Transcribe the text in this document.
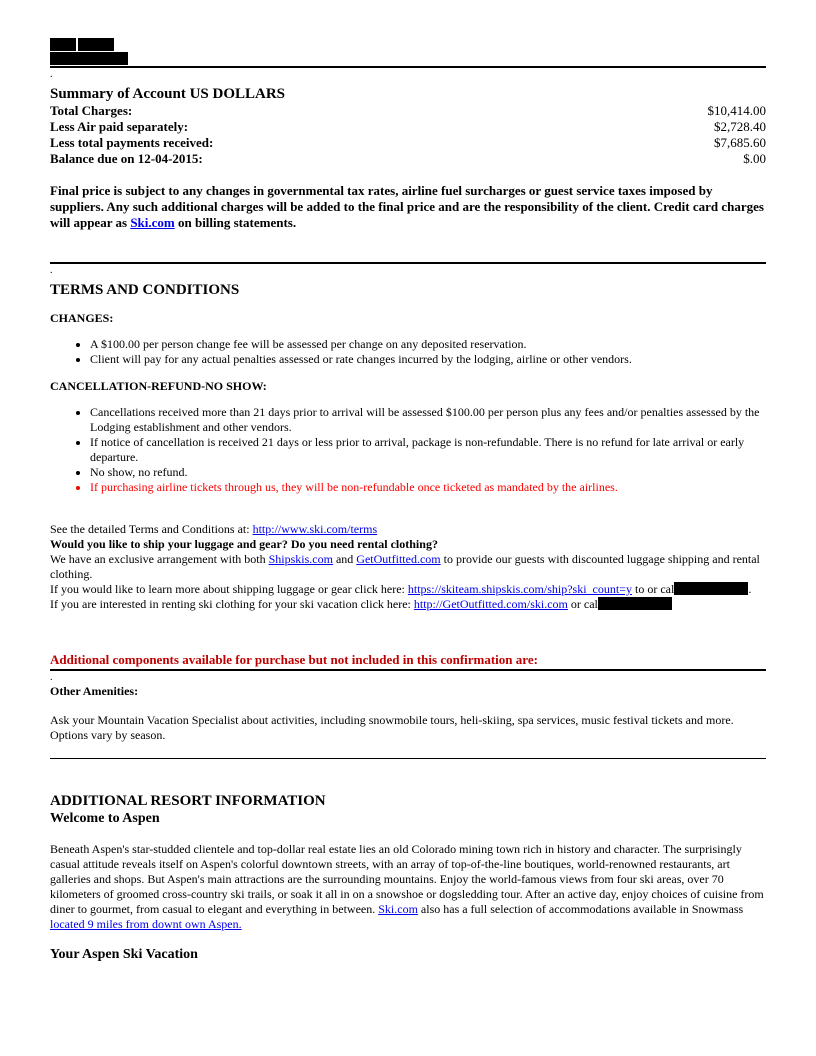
.
Summary of Account US DOLLARS
Total Charges:	$10,414.00
Less Air paid separately:	$2,728.40
Less total payments received:	$7,685.60
Balance due on 12-04-2015:	$.00

Final price is subject to any changes in governmental tax rates, airline fuel surcharges or guest service taxes imposed by suppliers. Any such additional charges will be added to the final price and are the responsibility of the client. Credit card charges will appear as Ski.com on billing statements.

.
TERMS AND CONDITIONS
CHANGES:
• A $100.00 per person change fee will be assessed per change on any deposited reservation.
• Client will pay for any actual penalties assessed or rate changes incurred by the lodging, airline or other vendors.
CANCELLATION-REFUND-NO SHOW:
• Cancellations received more than 21 days prior to arrival will be assessed $100.00 per person plus any fees and/or penalties assessed by the Lodging establishment and other vendors.
• If notice of cancellation is received 21 days or less prior to arrival, package is non-refundable. There is no refund for late arrival or early departure.
• No show, no refund.
• If purchasing airline tickets through us, they will be non-refundable once ticketed as mandated by the airlines.

See the detailed Terms and Conditions at: http://www.ski.com/terms

Would you like to ship your luggage and gear? Do you need rental clothing?

We have an exclusive arrangement with both Shipskis.com and GetOutfitted.com to provide our guests with discounted luggage shipping and rental clothing.

If you would like to learn more about shipping luggage or gear click here: https://skiteam.shipskis.com/ship?ski_count=y to or cal	.

If you are interested in renting ski clothing for your ski vacation click here: http://GetOutfitted.com/ski.com or cal

Additional components available for purchase but not included in this confirmation are:
.
Other Amenities:

Ask your Mountain Vacation Specialist about activities, including snowmobile tours, heli-skiing, spa services, music festival tickets and more. Options vary by season.

ADDITIONAL RESORT INFORMATION
Welcome to Aspen

Beneath Aspen's star-studded clientele and top-dollar real estate lies an old Colorado mining town rich in history and character. The surprisingly casual attitude reveals itself on Aspen's colorful downtown streets, with an array of top-of-the-line boutiques, world-renowned restaurants, art galleries and shops. But Aspen's main attractions are the surrounding mountains. Enjoy the world-famous views from four ski areas, over 70 kilometers of groomed cross-country ski trails, or soak it all in on a snowshoe or dogsledding tour. After an active day, enjoy choices of cuisine from diner to gourmet, from casual to elegant and everything in between. Ski.com also has a full selection of accommodations available in Snowmass located 9 miles from downt own Aspen.

Your Aspen Ski Vacation
